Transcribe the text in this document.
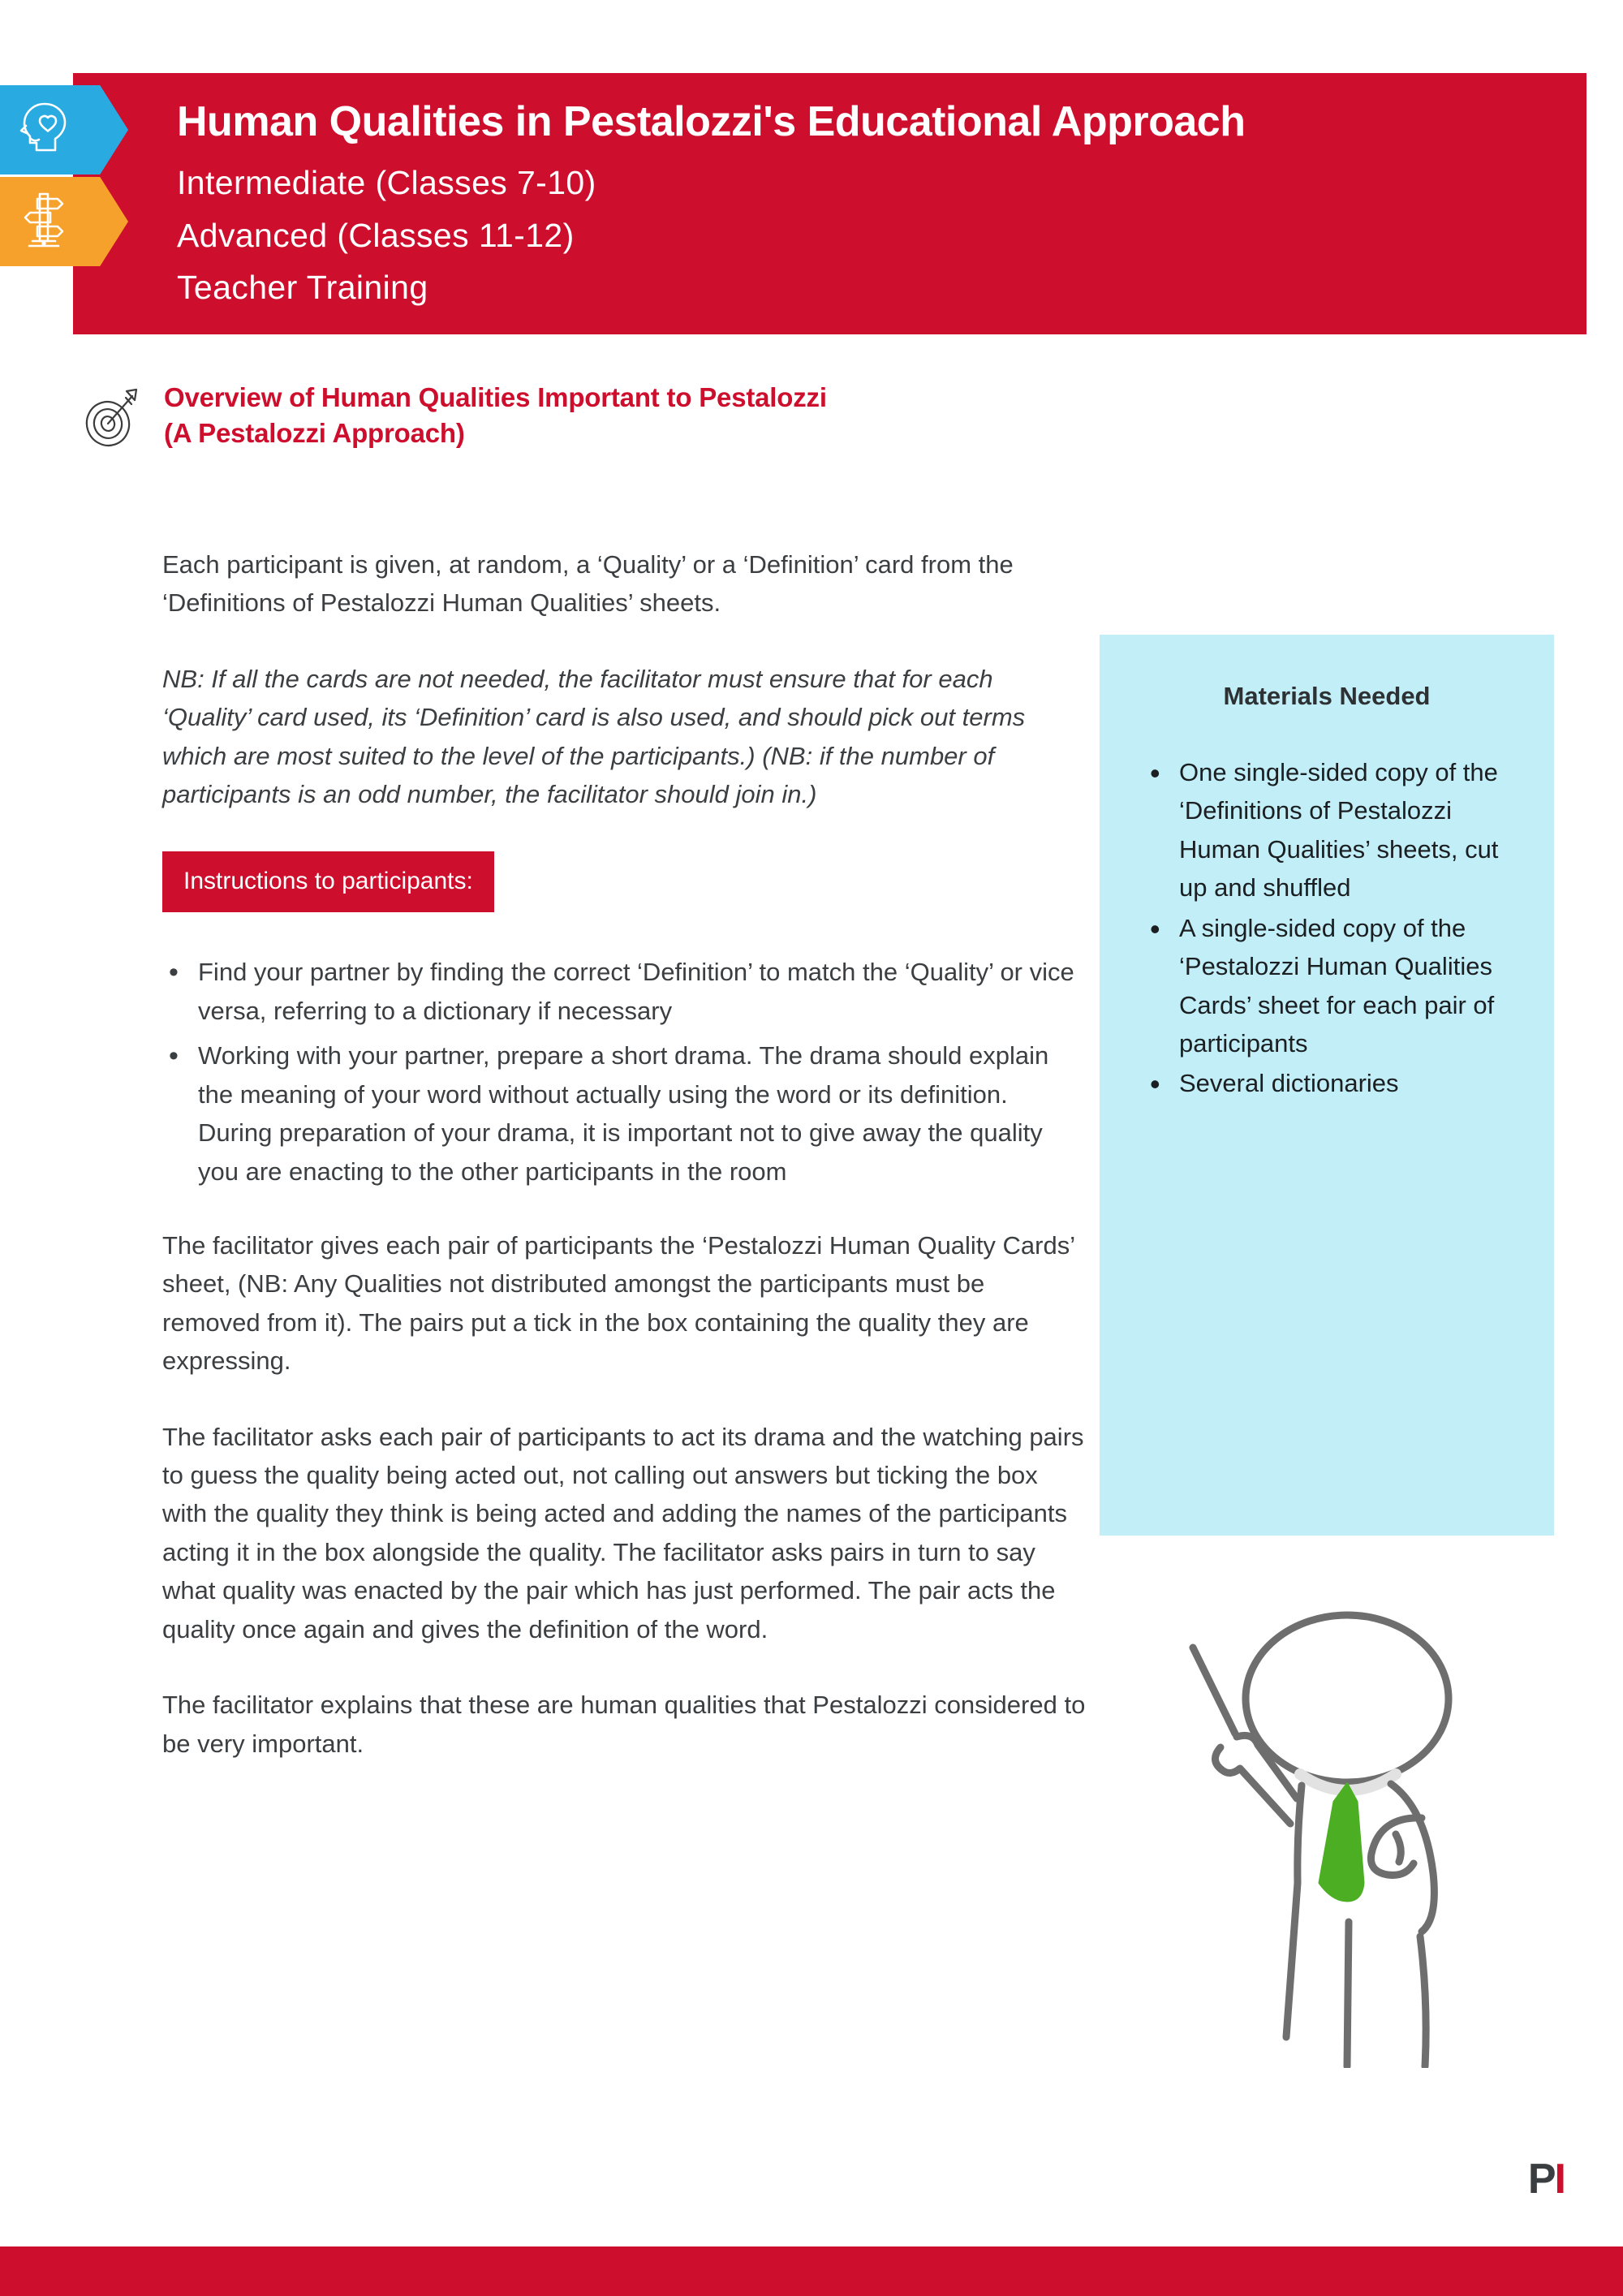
Human Qualities in Pestalozzi's Educational Approach
Intermediate (Classes 7-10)
Advanced (Classes 11-12)
Teacher Training
Overview of Human Qualities Important to Pestalozzi
(A Pestalozzi Approach)

Each participant is given, at random, a ‘Quality’ or a ‘Definition’ card from the ‘Definitions of Pestalozzi Human Qualities’ sheets.

NB: If all the cards are not needed, the facilitator must ensure that for each ‘Quality’ card used, its ‘Definition’ card is also used, and should pick out terms which are most suited to the level of the participants.) (NB: if the number of participants is an odd number, the facilitator should join in.)

Instructions to participants:
• Find your partner by finding the correct ‘Definition’ to match the ‘Quality’ or vice versa, referring to a dictionary if necessary
• Working with your partner, prepare a short drama. The drama should explain the meaning of your word without actually using the word or its definition. During preparation of your drama, it is important not to give away the quality you are enacting to the other participants in the room

The facilitator gives each pair of participants the ‘Pestalozzi Human Quality Cards’ sheet, (NB: Any Qualities not distributed amongst the participants must be removed from it). The pairs put a tick in the box containing the quality they are expressing.

The facilitator asks each pair of participants to act its drama and the watching pairs to guess the quality being acted out, not calling out answers but ticking the box with the quality they think is being acted and adding the names of the participants acting it in the box alongside the quality. The facilitator asks pairs in turn to say what quality was enacted by the pair which has just performed. The pair acts the quality once again and gives the definition of the word.

The facilitator explains that these are human qualities that Pestalozzi considered to be very important.

Materials Needed
• One single-sided copy of the ‘Definitions of Pestalozzi Human Qualities’ sheets, cut up and shuffled
• A single-sided copy of the ‘Pestalozzi Human Qualities Cards’ sheet for each pair of participants
• Several dictionaries
PI
